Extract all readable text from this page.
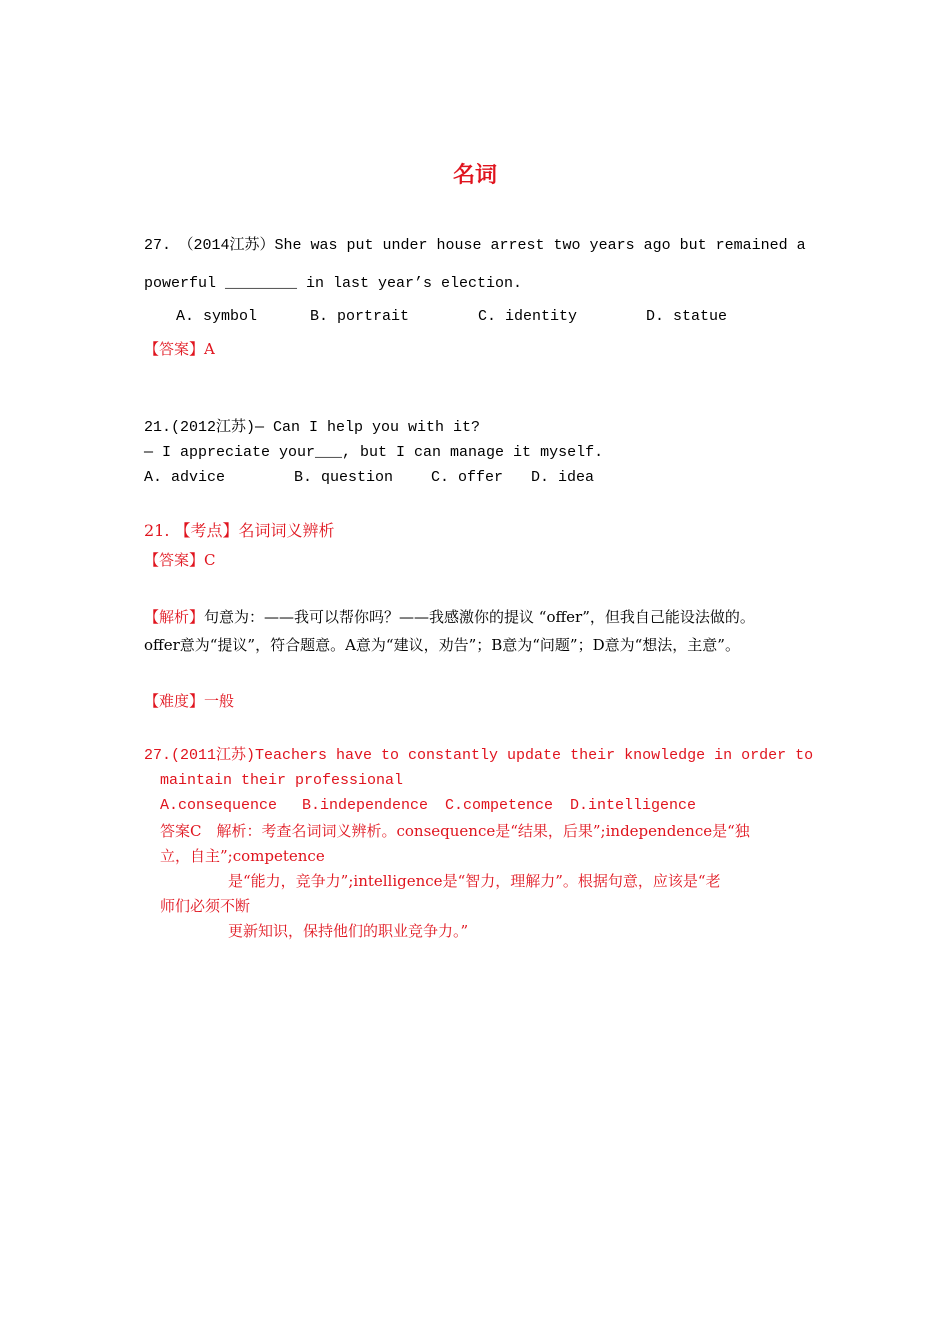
名词
27.　（2014江苏）She was put under house arrest two years ago but remained a
powerful ________ in last year’s election.
A. symbol	B. portrait	C. identity	D. statue
【答案】A
21.(2012江苏)— Can I help you with it?
— I appreciate your___, but I can manage it myself.
A. advice	B. question	C. offer D. idea
21. 【考点】名词词义辨析
【答案】C
【解析】句意为：——我可以帮你吗？——我感激你的提议 “offer”，但我自己能设法做的。
offer意为“提议”，符合题意。A意为“建议，劝告”；B意为“问题”；D意为“想法，主意”。
【难度】一般
27.(2011江苏)Teachers have to constantly update their knowledge in order to
maintain their professional
A.consequence B.independence C.competence D.intelligence
答案C　解析：考查名词词义辨析。consequence是“结果，后果”;independence是“独
立，自主”;competence
是“能力，竞争力”;intelligence是“智力，理解力”。根据句意，应该是“老
师们必须不断
更新知识，保持他们的职业竞争力。”
